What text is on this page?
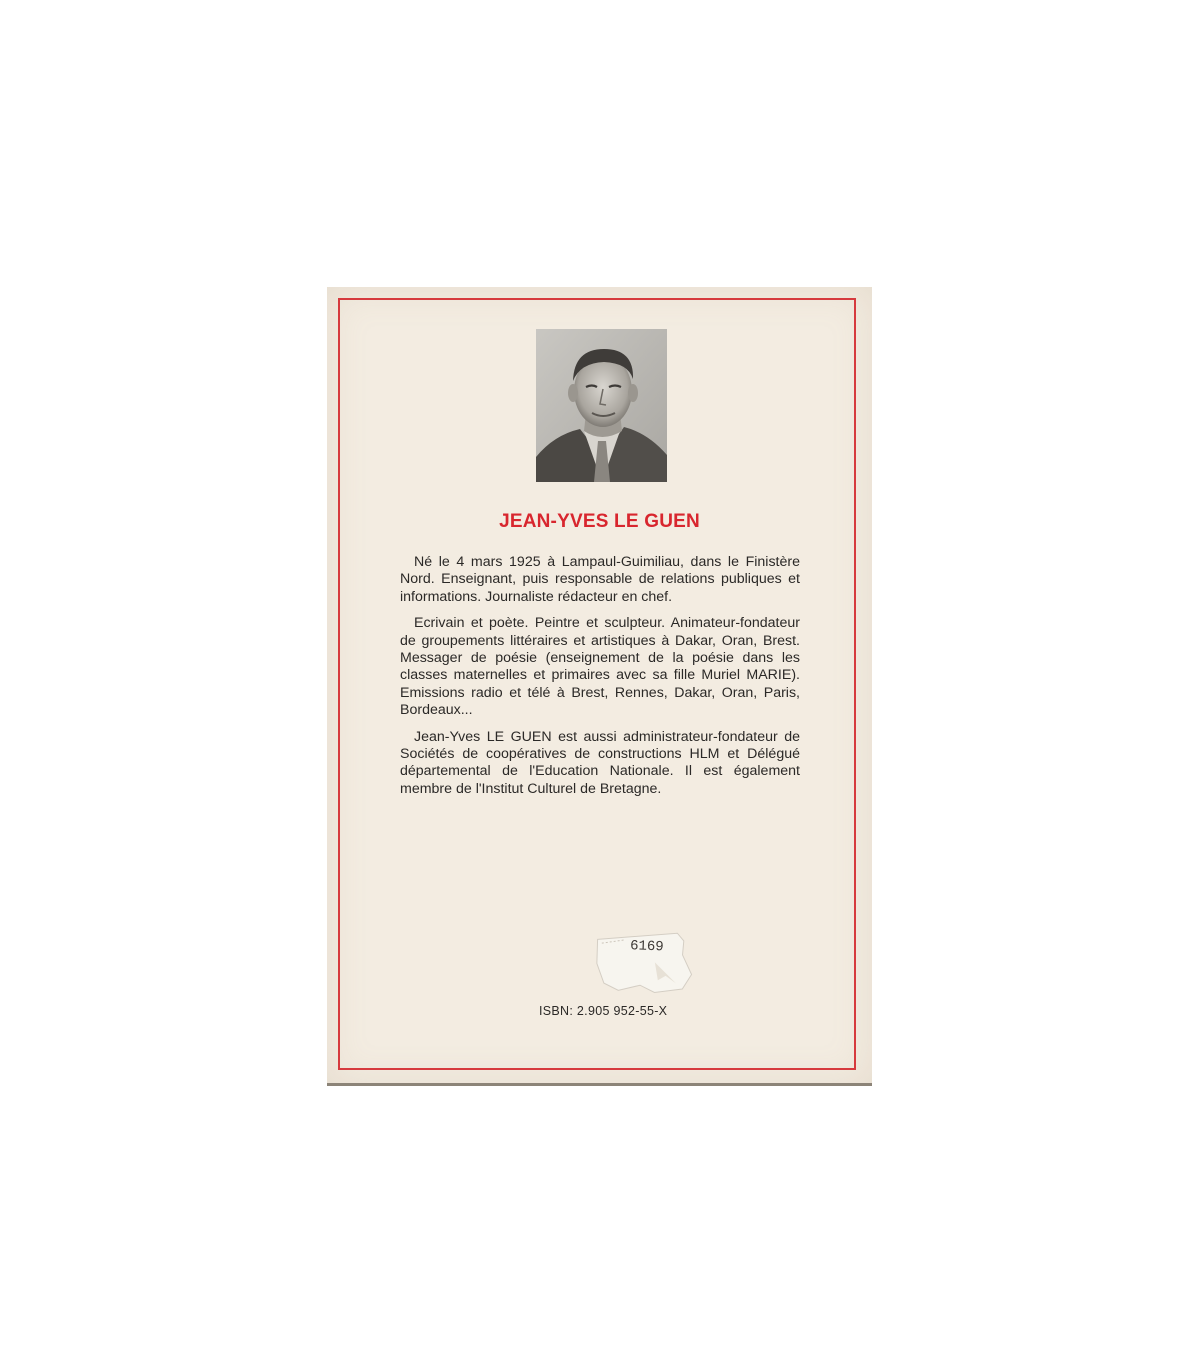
JEAN-YVES LE GUEN

Né le 4 mars 1925 à Lampaul-Guimiliau, dans le Finistère Nord. Enseignant, puis responsable de relations publiques et informations. Journaliste rédacteur en chef.

Ecrivain et poète. Peintre et sculpteur. Animateur-fondateur de groupements littéraires et artistiques à Dakar, Oran, Brest. Messager de poésie (enseignement de la poésie dans les classes maternelles et primaires avec sa fille Muriel MARIE). Emissions radio et télé à Brest, Rennes, Dakar, Oran, Paris, Bordeaux...

Jean-Yves LE GUEN est aussi administrateur-fondateur de Sociétés de coopératives de constructions HLM et Délégué départemental de l'Education Nationale. Il est également membre de l'Institut Culturel de Bretagne.

6169
ISBN: 2.905 952-55-X
